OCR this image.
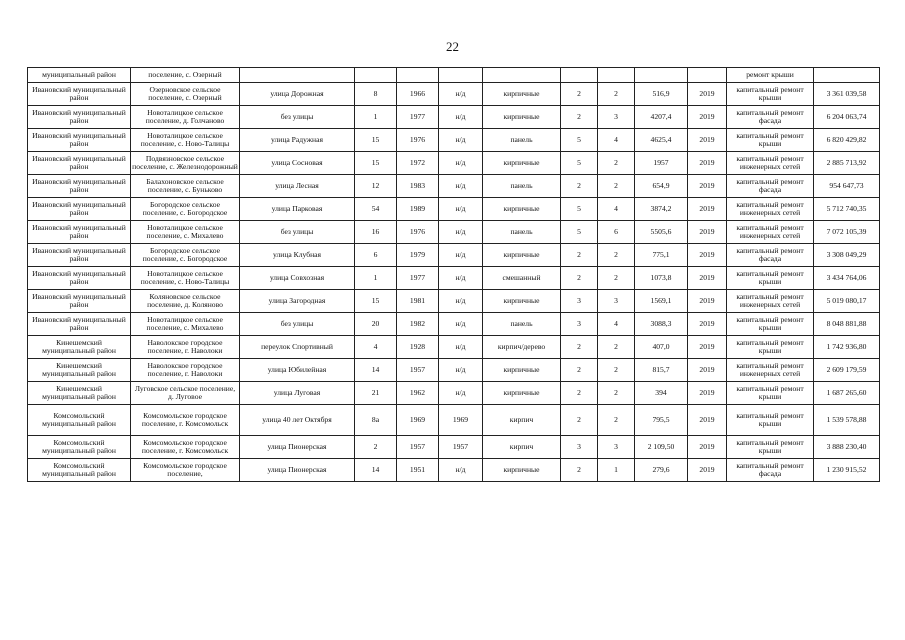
22
муниципальный район	поселение, с. Озерный										ремонт крыши	
Ивановский муниципальный район	Озерновское сельское поселение, с. Озерный	улица Дорожная	8	1966	н/д	кирпичные	2	2	516,9	2019	капитальный ремонт крыши	3 361 039,58
Ивановский муниципальный район	Новоталицкое сельское поселение, д. Голчаново	без улицы	1	1977	н/д	кирпичные	2	3	4207,4	2019	капитальный ремонт фасада	6 204 063,74
Ивановский муниципальный район	Новоталицкое сельское поселение, с. Ново-Талицы	улица Радужная	15	1976	н/д	панель	5	4	4625,4	2019	капитальный ремонт крыши	6 820 429,82
Ивановский муниципальный район	Подвязновское сельское поселение, с. Железнодорожный	улица Сосновая	15	1972	н/д	кирпичные	5	2	1957	2019	капитальный ремонт инженерных сетей	2 885 713,92
Ивановский муниципальный район	Балахоновское сельское поселение, с. Буньково	улица Лесная	12	1983	н/д	панель	2	2	654,9	2019	капитальный ремонт фасада	954 647,73
Ивановский муниципальный район	Богородское сельское поселение, с. Богородское	улица Парковая	54	1989	н/д	кирпичные	5	4	3874,2	2019	капитальный ремонт инженерных сетей	5 712 740,35
Ивановский муниципальный район	Новоталицкое сельское поселение, с. Михалево	без улицы	16	1976	н/д	панель	5	6	5505,6	2019	капитальный ремонт инженерных сетей	7 072 105,39
Ивановский муниципальный район	Богородское сельское поселение, с. Богородское	улица Клубная	6	1979	н/д	кирпичные	2	2	775,1	2019	капитальный ремонт фасада	3 308 049,29
Ивановский муниципальный район	Новоталицкое сельское поселение, с. Ново-Талицы	улица Совхозная	1	1977	н/д	смешанный	2	2	1073,8	2019	капитальный ремонт крыши	3 434 764,06
Ивановский муниципальный район	Коляновское сельское поселение, д. Коляново	улица Загородная	15	1981	н/д	кирпичные	3	3	1569,1	2019	капитальный ремонт инженерных сетей	5 019 080,17
Ивановский муниципальный район	Новоталицкое сельское поселение, с. Михалево	без улицы	20	1982	н/д	панель	3	4	3088,3	2019	капитальный ремонт крыши	8 048 881,88
Кинешемский муниципальный район	Наволокское городское поселение, г. Наволоки	переулок Спортивный	4	1928	н/д	кирпич/дерево	2	2	407,0	2019	капитальный ремонт крыши	1 742 936,80
Кинешемский муниципальный район	Наволокское городское поселение, г. Наволоки	улица Юбилейная	14	1957	н/д	кирпичные	2	2	815,7	2019	капитальный ремонт инженерных сетей	2 609 179,59
Кинешемский муниципальный район	Луговское сельское поселение, д. Луговое	улица Луговая	21	1962	н/д	кирпичные	2	2	394	2019	капитальный ремонт крыши	1 687 265,60
Комсомольский муниципальный район	Комсомольское городское поселение, г. Комсомольск	улица 40 лет Октября	8а	1969	1969	кирпич	2	2	795,5	2019	капитальный ремонт крыши	1 539 578,88
Комсомольский муниципальный район	Комсомольское городское поселение, г. Комсомольск	улица Пионерская	2	1957	1957	кирпич	3	3	2 109,50	2019	капитальный ремонт крыши	3 888 230,40
Комсомольский муниципальный район	Комсомольское городское поселение,	улица Пионерская	14	1951	н/д	кирпичные	2	1	279,6	2019	капитальный ремонт фасада	1 230 915,52
